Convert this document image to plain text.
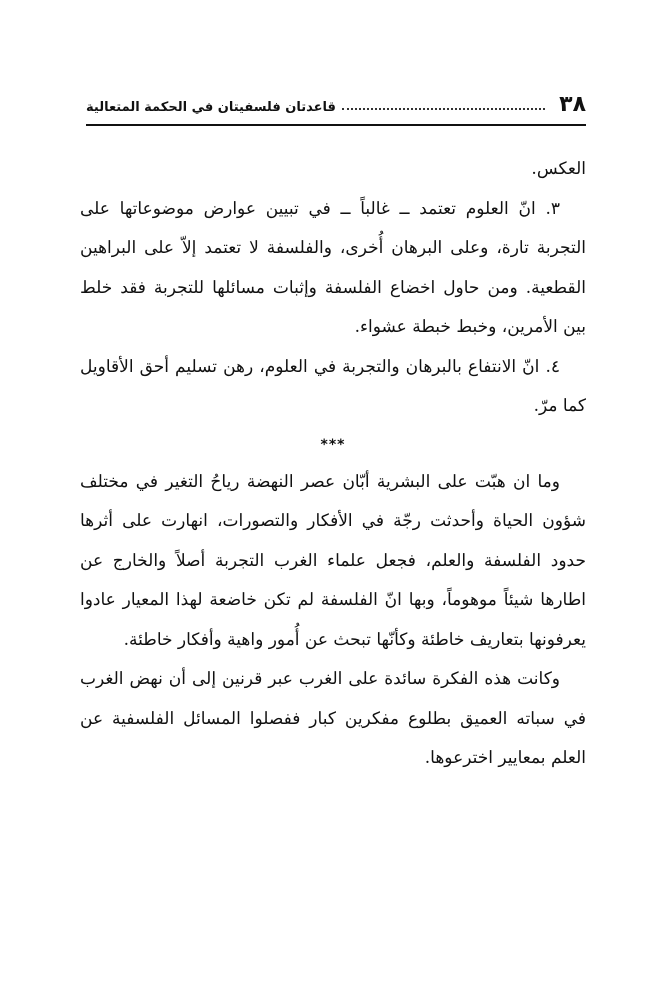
٣٨
قاعدتان فلسفيتان في الحكمة المتعالية

العكس.

٣. انّ العلوم تعتمد ــ غالباً ــ في تبيين عوارض موضوعاتها على التجربة تارة، وعلى البرهان أُخرى، والفلسفة لا تعتمد إلاّ على البراهين القطعية. ومن حاول اخضاع الفلسفة وإثبات مسائلها للتجربة فقد خلط بين الأمرين، وخبط خبطة عشواء.

٤. انّ الانتفاع بالبرهان والتجربة في العلوم، رهن تسليم أحق الأقاويل كما مرّ.

***

وما ان هبّت على البشرية أبّان عصر النهضة رياحُ التغير في مختلف شؤون الحياة وأحدثت رجّة في الأفكار والتصورات، انهارت على أثرها حدود الفلسفة والعلم، فجعل علماء الغرب التجربة أصلاً والخارج عن اطارها شيئاً موهوماً، وبها انّ الفلسفة لم تكن خاضعة لهذا المعيار عادوا يعرفونها بتعاريف خاطئة وكأنّها تبحث عن أُمور واهية وأفكار خاطئة.

وكانت هذه الفكرة سائدة على الغرب عبر قرنين إلى أن نهض الغرب في سباته العميق بطلوع مفكرين كبار ففصلوا المسائل الفلسفية عن العلم بمعايير اخترعوها.
